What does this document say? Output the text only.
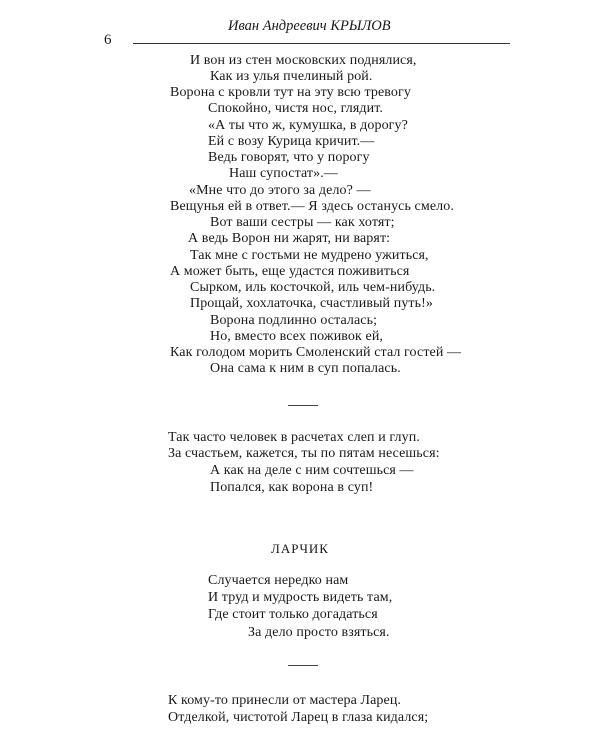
6
Иван Андреевич КРЫЛОВ
И вон из стен московских поднялися,
Как из улья пчелиный рой.
Ворона с кровли тут на эту всю тревогу
Спокойно, чистя нос, глядит.
«А ты что ж, кумушка, в дорогу?
Ей с возу Курица кричит.—
Ведь говорят, что у порогу
Наш супостат».—
«Мне что до этого за дело? —
Вещунья ей в ответ.— Я здесь останусь смело.
Вот ваши сестры — как хотят;
А ведь Ворон ни жарят, ни варят:
Так мне с гостьми не мудрено ужиться,
А может быть, еще удастся поживиться
Сырком, иль косточкой, иль чем-нибудь.
Прощай, хохлаточка, счастливый путь!»
Ворона подлинно осталась;
Но, вместо всех поживок ей,
Как голодом морить Смоленский стал гостей —
Она сама к ним в суп попалась.
Так часто человек в расчетах слеп и глуп.
За счастьем, кажется, ты по пятам несешься:
А как на деле с ним сочтешься —
Попался, как ворона в суп!
ЛАРЧИК
Случается нередко нам
И труд и мудрость видеть там,
Где стоит только догадаться
За дело просто взяться.
К кому-то принесли от мастера Ларец.
Отделкой, чистотой Ларец в глаза кидался;
